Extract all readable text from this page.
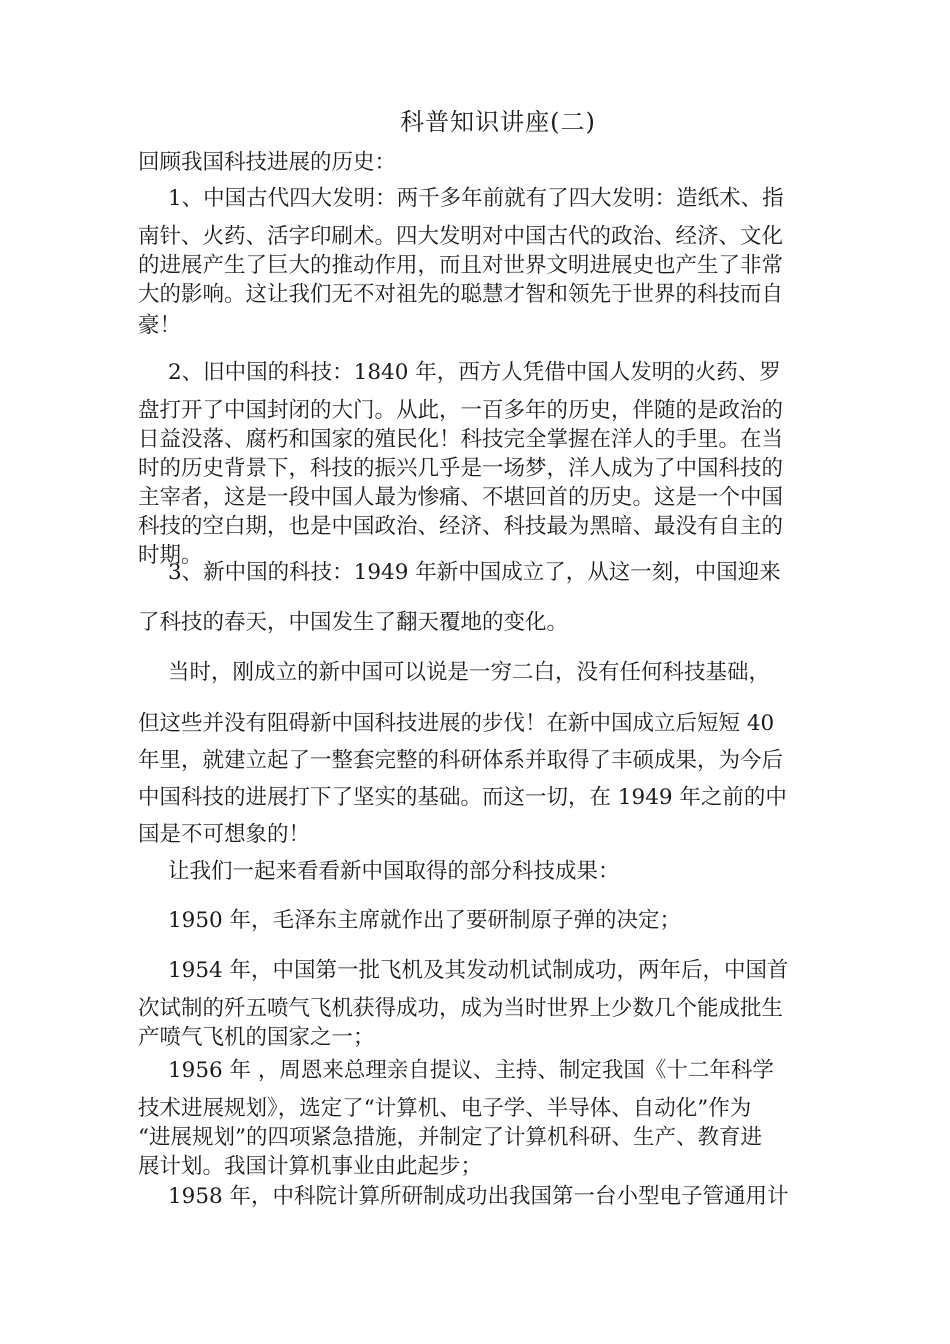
科普知识讲座(二)
回顾我国科技进展的历史：
1、中国古代四大发明：两千多年前就有了四大发明：造纸术、指
南针、火药、活字印刷术。四大发明对中国古代的政治、经济、文化
的进展产生了巨大的推动作用，而且对世界文明进展史也产生了非常
大的影响。这让我们无不对祖先的聪慧才智和领先于世界的科技而自
豪！
2、旧中国的科技：1840 年，西方人凭借中国人发明的火药、罗
盘打开了中国封闭的大门。从此，一百多年的历史，伴随的是政治的
日益没落、腐朽和国家的殖民化！科技完全掌握在洋人的手里。在当
时的历史背景下，科技的振兴几乎是一场梦，洋人成为了中国科技的
主宰者，这是一段中国人最为惨痛、不堪回首的历史。这是一个中国
科技的空白期，也是中国政治、经济、科技最为黑暗、最没有自主的
时期。
3、新中国的科技：1949 年新中国成立了，从这一刻，中国迎来
了科技的春天，中国发生了翻天覆地的变化。
当时，刚成立的新中国可以说是一穷二白，没有任何科技基础，
但这些并没有阻碍新中国科技进展的步伐！在新中国成立后短短 40
年里，就建立起了一整套完整的科研体系并取得了丰硕成果，为今后
中国科技的进展打下了坚实的基础。而这一切，在 1949 年之前的中
国是不可想象的！
让我们一起来看看新中国取得的部分科技成果：
1950 年，毛泽东主席就作出了要研制原子弹的决定；
1954 年，中国第一批飞机及其发动机试制成功，两年后，中国首
次试制的歼五喷气飞机获得成功，成为当时世界上少数几个能成批生
产喷气飞机的国家之一；
1956 年 ，周恩来总理亲自提议、主持、制定我国《十二年科学
技术进展规划》，选定了“计算机、电子学、半导体、自动化”作为
“进展规划”的四项紧急措施，并制定了计算机科研、生产、教育进
展计划。我国计算机事业由此起步；
1958 年，中科院计算所研制成功出我国第一台小型电子管通用计
